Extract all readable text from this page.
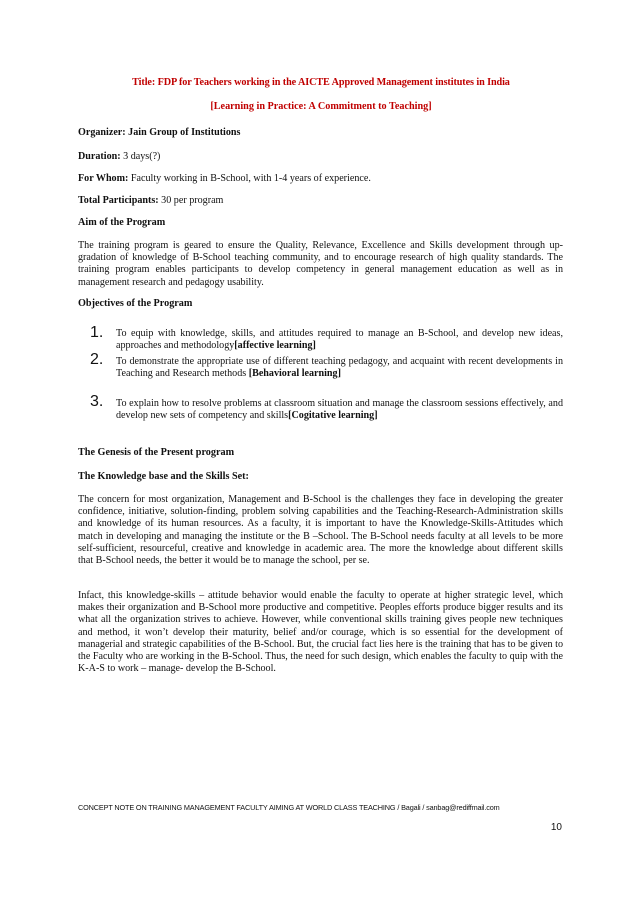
Title: FDP for Teachers working in the AICTE Approved Management institutes in India
[Learning in Practice: A Commitment to Teaching]
Organizer: Jain Group of Institutions
Duration: 3 days(?)
For Whom: Faculty working in B-School, with 1-4 years of experience.
Total Participants: 30 per program
Aim of the Program
The training program is geared to ensure the Quality, Relevance, Excellence and Skills development through up-gradation of knowledge of B-School teaching community, and to encourage research of high quality standards. The training program enables participants to develop competency in general management education as well as in management research and pedagogy usability.
Objectives of the Program
1. To equip with knowledge, skills, and attitudes required to manage an B-School, and develop new ideas, approaches and methodology[affective learning]
2. To demonstrate the appropriate use of different teaching pedagogy, and acquaint with recent developments in Teaching and Research methods [Behavioral learning]
3. To explain how to resolve problems at classroom situation and manage the classroom sessions effectively, and develop new sets of competency and skills[Cogitative learning]
The Genesis of the Present program
The Knowledge base and the Skills Set:
The concern for most organization, Management and B-School is the challenges they face in developing the greater confidence, initiative, solution-finding, problem solving capabilities and the Teaching-Research-Administration skills and knowledge of its human resources. As a faculty, it is important to have the Knowledge-Skills-Attitudes which match in developing and managing the institute or the B –School. The B-School needs faculty at all levels to be more self-sufficient, resourceful, creative and knowledge in academic area. The more the knowledge about different skills that B-School needs, the better it would be to manage the school, per se.
Infact, this knowledge-skills – attitude behavior would enable the faculty to operate at higher strategic level, which makes their organization and B-School more productive and competitive. Peoples efforts produce bigger results and its what all the organization strives to achieve. However, while conventional skills training gives people new techniques and method, it won’t develop their maturity, belief and/or courage, which is so essential for the development of managerial and strategic capabilities of the B-School. But, the crucial fact lies here is the training that has to be given to the Faculty who are working in the B-School. Thus, the need for such design, which enables the faculty to quip with the K-A-S to work – manage- develop the B-School.
CONCEPT NOTE ON TRAINING MANAGEMENT FACULTY AIMING AT WORLD CLASS TEACHING / Bagali / sanbag@rediffmail.com
10
